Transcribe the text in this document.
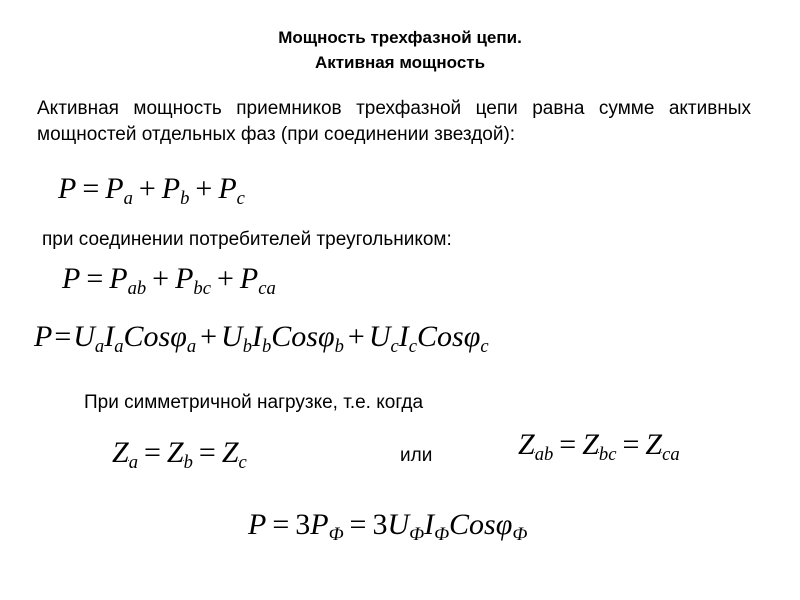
Мощность трехфазной цепи.
Активная мощность
Активная мощность приемников трехфазной цепи равна сумме активных мощностей отдельных фаз (при соединении звездой):
$P = P_a + P_b + P_c$
при соединении потребителей треугольником:
$P = P_{ab} + P_{bc} + P_{ca}$
$P=U_aI_aCos\varphi_a + U_bI_bCos\varphi_b + U_cI_cCos\varphi_c$
При симметричной нагрузке, т.е. когда
$Z_a = Z_b = Z_c$	или	$Z_{ab} = Z_{bc} = Z_{ca}$
$P = 3P_Ф = 3U_ФI_ФCos\varphi_Ф$
